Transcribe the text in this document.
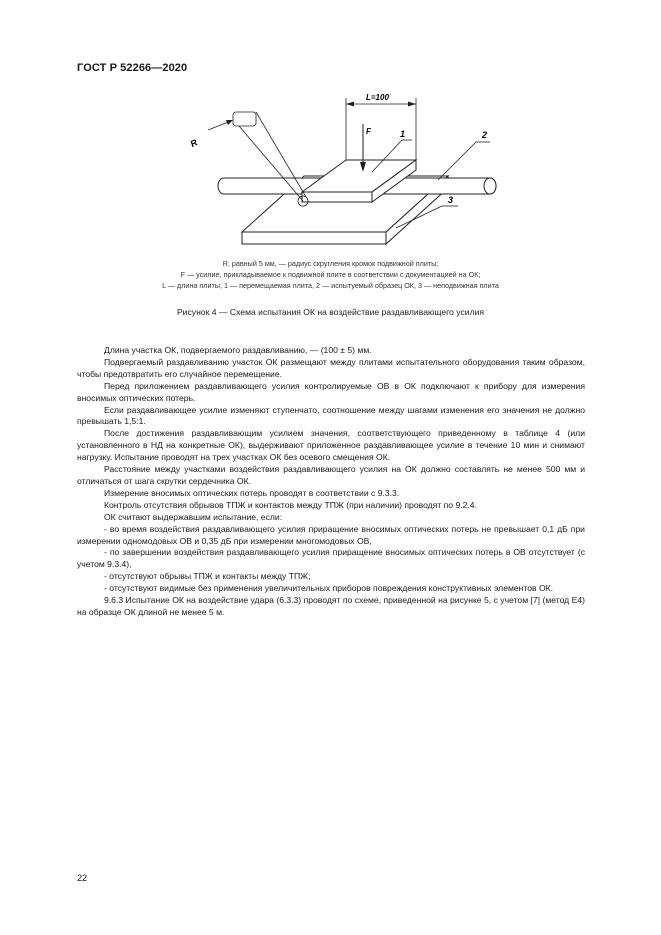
ГОСТ Р 52266—2020
L=100
F	1	2
3
R
R, равный 5 мм, — радиус скругления кромок подвижной плиты;
F — усилие, прикладываемое к подвижной плите в соответствии с документацией на ОК;
L — длина плиты, 1 — перемещаемая плита, 2 — испытуемый образец ОК, 3 — неподвижная плита
Рисунок 4 — Схема испытания ОК на воздействие раздавливающего усилия

Длина участка ОК, подвергаемого раздавливанию, — (100 ± 5) мм.

Подвергаемый раздавливанию участок ОК размещают между плитами испытательного оборудования таким образом, чтобы предотвратить его случайное перемещение.

Перед приложением раздавливающего усилия контролируемые ОВ в ОК подключают к прибору для измерения вносимых оптических потерь.

Если раздавливающее усилие изменяют ступенчато, соотношение между шагами изменения его значения не должно превышать 1,5:1.

После достижения раздавливающим усилием значения, соответствующего приведенному в таблице 4 (или установленного в НД на конкретные ОК), выдерживают приложенное раздавливающее усилие в течение 10 мин и снимают нагрузку. Испытание проводят на трех участках ОК без осевого смещения ОК.

Расстояние между участками воздействия раздавливающего усилия на ОК должно составлять не менее 500 мм и отличаться от шага скрутки сердечника ОК.

Измерение вносимых оптических потерь проводят в соответствии с 9.3.3.

Контроль отсутствия обрывов ТПЖ и контактов между ТПЖ (при наличии) проводят по 9.2.4.

ОК считают выдержавшим испытание, если:

- во время воздействия раздавливающего усилия приращение вносимых оптических потерь не превышает 0,1 дБ при измерении одномодовых ОВ и 0,35 дБ при измерении многомодовых ОВ,

- по завершении воздействия раздавливающего усилия приращение вносимых оптических потерь в ОВ отсутствует (с учетом 9.3.4),

- отсутствуют обрывы ТПЖ и контакты между ТПЖ;

- отсутствуют видимые без применения увеличительных приборов повреждения конструктивных элементов ОК.

9.6.3 Испытание ОК на воздействие удара (6.3.3) проводят по схеме, приведенной на рисунке 5, с учетом [7] (метод Е4) на образце ОК длиной не менее 5 м.

22
